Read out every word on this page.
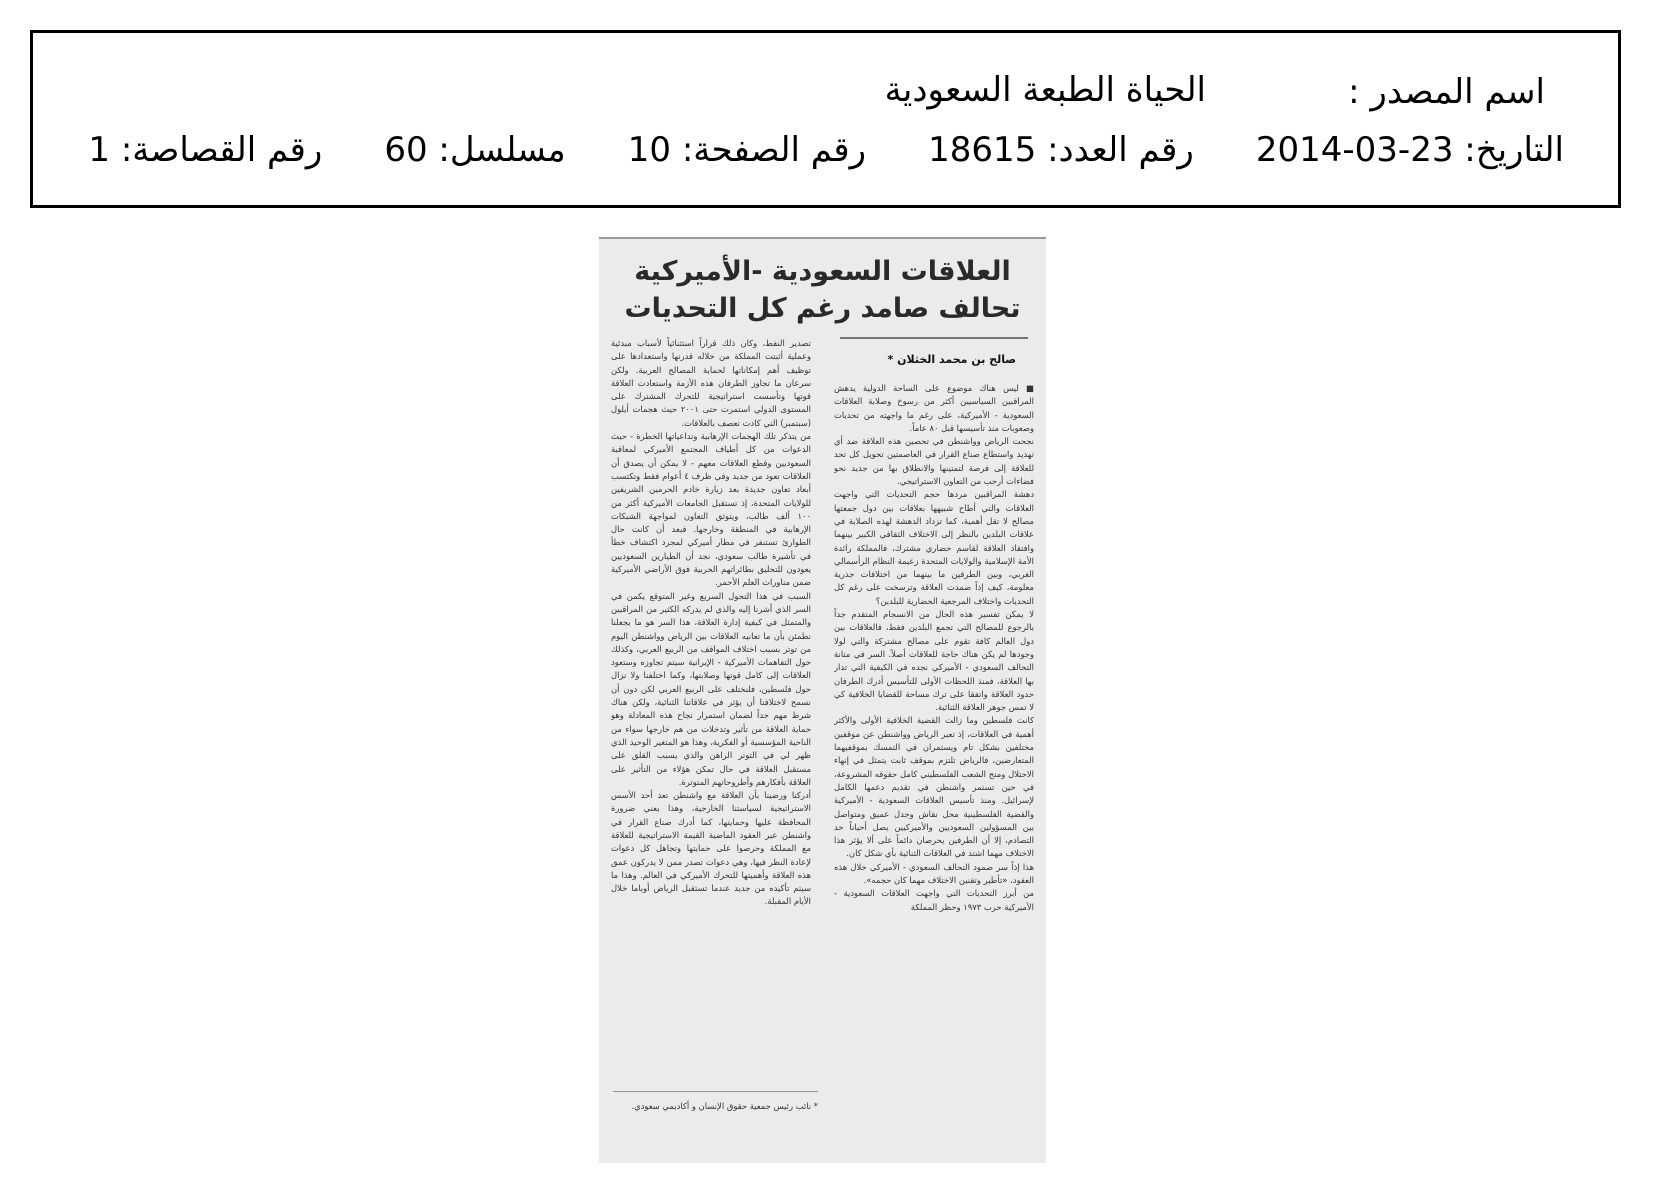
اسم المصدر :
الحياة الطبعة السعودية
التاريخ: 23-03-2014
رقم العدد: 18615
رقم الصفحة: 10
مسلسل: 60
رقم القصاصة: 1
العلاقات السعودية -الأميركية
تحالف صامد رغم كل التحديات
صالح بن محمد الخثلان *

■ ليس هناك موضوع على الساحة الدولية يدهش المراقبين السياسيين أكثر من رسوخ وصلابة العلاقات السعودية - الأميركية، على رغم ما واجهته من تحديات وصعوبات منذ تأسيسها قبل ٨٠ عاماً.
نجحت الرياض وواشنطن في تحصين هذه العلاقة ضد أي تهديد واستطاع صناع القرار في العاصمتين تحويل كل تحد للعلاقة إلى فرصة لتمتينها والانطلاق بها من جديد نحو فضاءات أرحب من التعاون الاستراتيجي.
دهشة المراقبين مردها حجم التحديات التي واجهت العلاقات والتي أطاح شبيهها بعلاقات بين دول جمعتها مصالح لا تقل أهمية، كما تزداد الدهشة لهذه الصلابة في علاقات البلدين بالنظر إلى الاختلاف الثقافي الكبير بينهما وافتقاد العلاقة لقاسم حضاري مشترك، فالمملكة رائدة الأمة الإسلامية والولايات المتحدة زعيمة النظام الرأسمالي الغربي، وبين الطرفين ما بينهما من اختلافات جذرية معلومة، كيف إذاً صمدت العلاقة وترسخت على رغم كل التحديات واختلاف المرجعية الحضارية للبلدين؟
لا يمكن تفسير هذه الحال من الانسجام المتقدم جداً بالرجوع للمصالح التي تجمع البلدين فقط، فالعلاقات بين دول العالم كافة تقوم على مصالح مشتركة والتي لولا وجودها لم يكن هناك حاجة للعلاقات أصلاً. السر في متانة التحالف السعودي - الأميركي نجده في الكيفية التي تدار بها العلاقة، فمنذ اللحظات الأولى للتأسيس أدرك الطرفان حدود العلاقة واتفقا على ترك مساحة للقضايا الخلافية كي لا تمس جوهر العلاقة الثنائية.
كانت فلسطين وما زالت القضية الخلافية الأولى والأكثر أهمية في العلاقات، إذ تعبر الرياض وواشنطن عن موقفين مختلفين بشكل تام ويستمران في التمسك بموقفيهما المتعارضين، فالرياض تلتزم بموقف ثابت يتمثل في إنهاء الاحتلال ومنح الشعب الفلسطيني كامل حقوقه المشروعة، في حين تستمر واشنطن في تقديم دعمها الكامل لإسرائيل. ومنذ تأسيس العلاقات السعودية - الأميركية والقضية الفلسطينية محل نقاش وجدل عميق ومتواصل بين المسؤولين السعوديين والأميركيين يصل أحياناً حد التصادم، إلا أن الطرفين يحرصان دائماً على ألا يؤثر هذا الاختلاف مهما اشتد في العلاقات الثنائية بأي شكل كان.
هذا إذاً سر صمود التحالف السعودي - الأميركي خلال هذه العقود، «تأطير وتقنين الاختلاف مهما كان حجمه».
من أبرز التحديات التي واجهت العلاقات السعودية - الأميركية حرب ١٩٧٣ وحظر المملكة

تصدير النفط، وكان ذلك قراراً استثنائياً لأسباب مبدئية وعملية أثبتت المملكة من خلاله قدرتها واستعدادها على توظيف أهم إمكاناتها لحماية المصالح العربية. ولكن سرعان ما تجاوز الطرفان هذه الأزمة واستعادت العلاقة قوتها وتأسست استراتيجية للتحرك المشترك على المستوى الدولي استمرت حتى ٢٠٠١ حيث هجمات أيلول (سبتمبر) التي كادت تعصف بالعلاقات.
من يتذكر تلك الهجمات الإرهابية وتداعياتها الخطرة - حيث الدعوات من كل أطياف المجتمع الأميركي لمعاقبة السعوديين وقطع العلاقات معهم - لا يمكن أن يصدق أن العلاقات تعود من جديد وفي ظرف ٤ أعوام فقط وتكتسب أبعاد تعاون جديدة بعد زيارة خادم الحرمين الشريفين للولايات المتحدة، إذ تستقبل الجامعات الأميركية أكثر من ١٠٠ ألف طالب، ويتوثق التعاون لمواجهة الشبكات الإرهابية في المنطقة وخارجها. فبعد أن كانت حال الطوارئ تستنفر في مطار أميركي لمجرد اكتشاف خطأ في تأشيرة طالب سعودي، نجد أن الطيارين السعوديين يعودون للتحليق بطائراتهم الحربية فوق الأراضي الأميركية ضمن مناورات العلم الأحمر.
السبب في هذا التحول السريع وغير المتوقع يكمن في السر الذي أشرنا إليه والذي لم يدركه الكثير من المراقبين والمتمثل في كيفية إدارة العلاقة، هذا السر هو ما يجعلنا نطمئن بأن ما تعانيه العلاقات بين الرياض وواشنطن اليوم من توتر بسبب اختلاف المواقف من الربيع العربي، وكذلك حول التفاهمات الأميركية - الإيرانية سيتم تجاوزه وستعود العلاقات إلى كامل قوتها وصلابتها، وكما اختلفنا ولا نزال حول فلسطين، فلنختلف على الربيع العربي لكن دون أن نسمح لاختلافنا أن يؤثر في علاقاتنا الثنائية، ولكن هناك شرط مهم جداً لضمان استمرار نجاح هذه المعادلة وهو حماية العلاقة من تأثير وتدخلات من هم خارجها سواء من الناحية المؤسسية أو الفكرية، وهذا هو المتغير الوحيد الذي ظهر لي في التوتر الراهن والذي يسبب القلق على مستقبل العلاقة في حال تمكن هؤلاء من التأثير على العلاقة بأفكارهم وأطروحاتهم المتوترة.
أدركنا ورضينا بأن العلاقة مع واشنطن تعد أحد الأسس الاستراتيجية لسياستنا الخارجية، وهذا يعني ضرورة المحافظة عليها وحمايتها، كما أدرك صناع القرار في واشنطن عبر العقود الماضية القيمة الاستراتيجية للعلاقة مع المملكة وحرصوا على حمايتها وتجاهل كل دعوات لإعادة النظر فيها، وهي دعوات تصدر ممن لا يدركون عمق هذه العلاقة وأهميتها للتحرك الأميركي في العالم. وهذا ما سيتم تأكيده من جديد عندما تستقبل الرياض أوباما خلال الأيام المقبلة.

* نائب رئيس جمعية حقوق الإنسان و أكاديمي سعودي.
